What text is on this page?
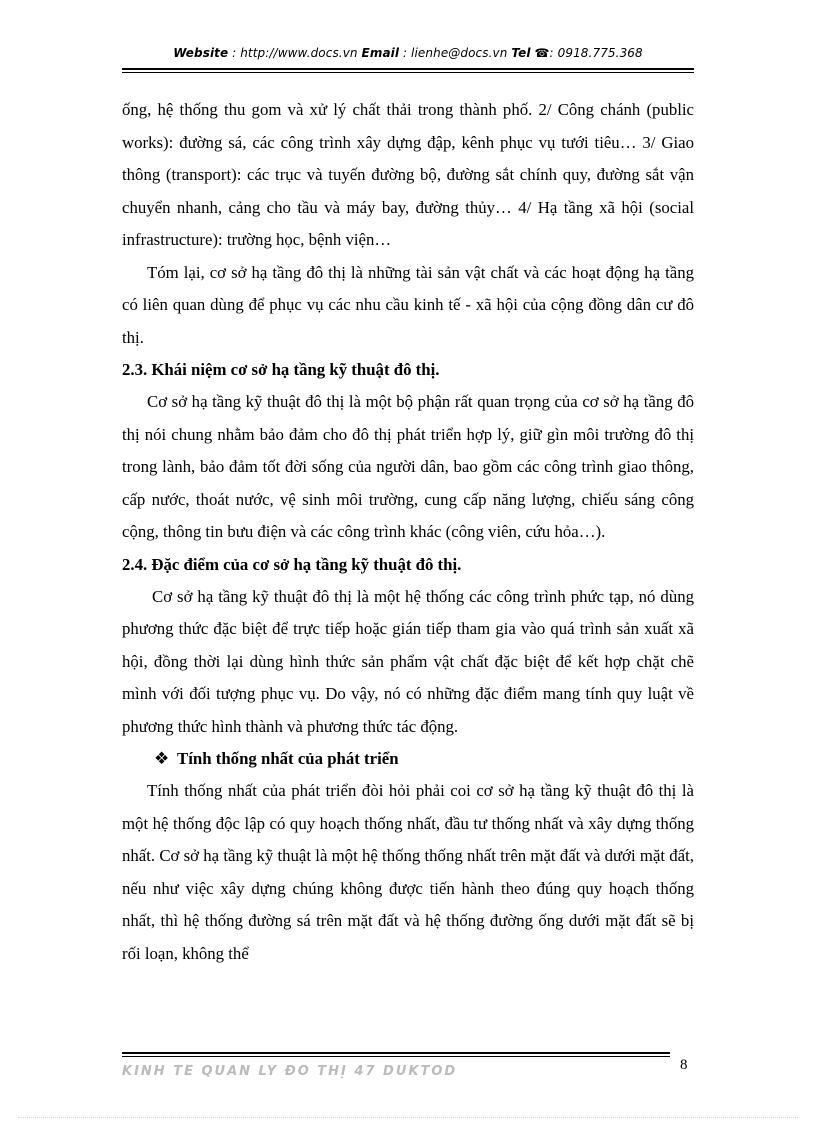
Website : http://www.docs.vn Email : lienhe@docs.vn Tel ☎: 0918.775.368

ống, hệ thống thu gom và xử lý chất thải trong thành phố. 2/ Công chánh (public works): đường sá, các công trình xây dựng đập, kênh phục vụ tưới tiêu… 3/ Giao thông (transport): các trục và tuyến đường bộ, đường sắt chính quy, đường sắt vận chuyển nhanh, cảng cho tầu và máy bay, đường thủy… 4/ Hạ tầng xã hội (social infrastructure): trường học, bệnh viện…

Tóm lại, cơ sở hạ tầng đô thị là những tài sản vật chất và các hoạt động hạ tầng có liên quan dùng để phục vụ các nhu cầu kinh tế - xã hội của cộng đồng dân cư đô thị.

2.3. Khái niệm cơ sở hạ tầng kỹ thuật đô thị.

Cơ sở hạ tầng kỹ thuật đô thị là một bộ phận rất quan trọng của cơ sở hạ tầng đô thị nói chung nhằm bảo đảm cho đô thị phát triển hợp lý, giữ gìn môi trường đô thị trong lành, bảo đảm tốt đời sống của người dân, bao gồm các công trình giao thông, cấp nước, thoát nước, vệ sinh môi trường, cung cấp năng lượng, chiếu sáng công cộng, thông tin bưu điện và các công trình khác (công viên, cứu hỏa…).

2.4. Đặc điểm của cơ sở hạ tầng kỹ thuật đô thị.

Cơ sở hạ tầng kỹ thuật đô thị là một hệ thống các công trình phức tạp, nó dùng phương thức đặc biệt để trực tiếp hoặc gián tiếp tham gia vào quá trình sản xuất xã hội, đồng thời lại dùng hình thức sản phẩm vật chất đặc biệt để kết hợp chặt chẽ mình với đối tượng phục vụ. Do vậy, nó có những đặc điểm mang tính quy luật về phương thức hình thành và phương thức tác động.

❖ Tính thống nhất của phát triển

Tính thống nhất của phát triển đòi hỏi phải coi cơ sở hạ tầng kỹ thuật đô thị là một hệ thống độc lập có quy hoạch thống nhất, đầu tư thống nhất và xây dựng thống nhất. Cơ sở hạ tầng kỹ thuật là một hệ thống thống nhất trên mặt đất và dưới mặt đất, nếu như việc xây dựng chúng không được tiến hành theo đúng quy hoạch thống nhất, thì hệ thống đường sá trên mặt đất và hệ thống đường ống dưới mặt đất sẽ bị rối loạn, không thể

KINH TẾ QUẢN LÝ ĐÔ THỊ 47 DUKTOD	8
